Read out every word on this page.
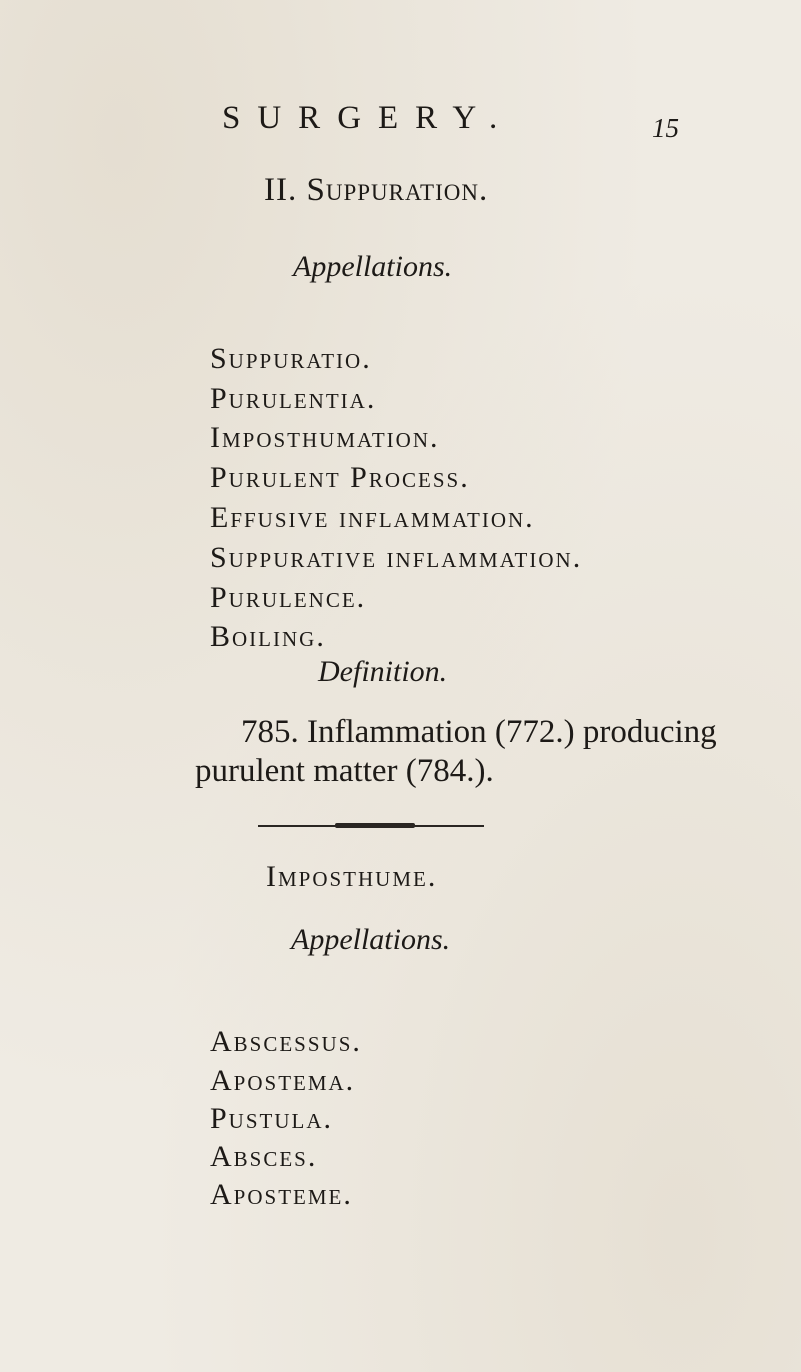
SURGERY.	15
II. Suppuration.
Appellations.
Suppuratio.
Purulentia.
Imposthumation.
Purulent Process.
Effusive inflammation.
Suppurative inflammation.
Purulence.
Boiling.
Definition.
785. Inflammation (772.) producing
purulent matter (784.).
Imposthume.
Appellations.
Abscessus.
Apostema.
Pustula.
Absces.
Aposteme.
